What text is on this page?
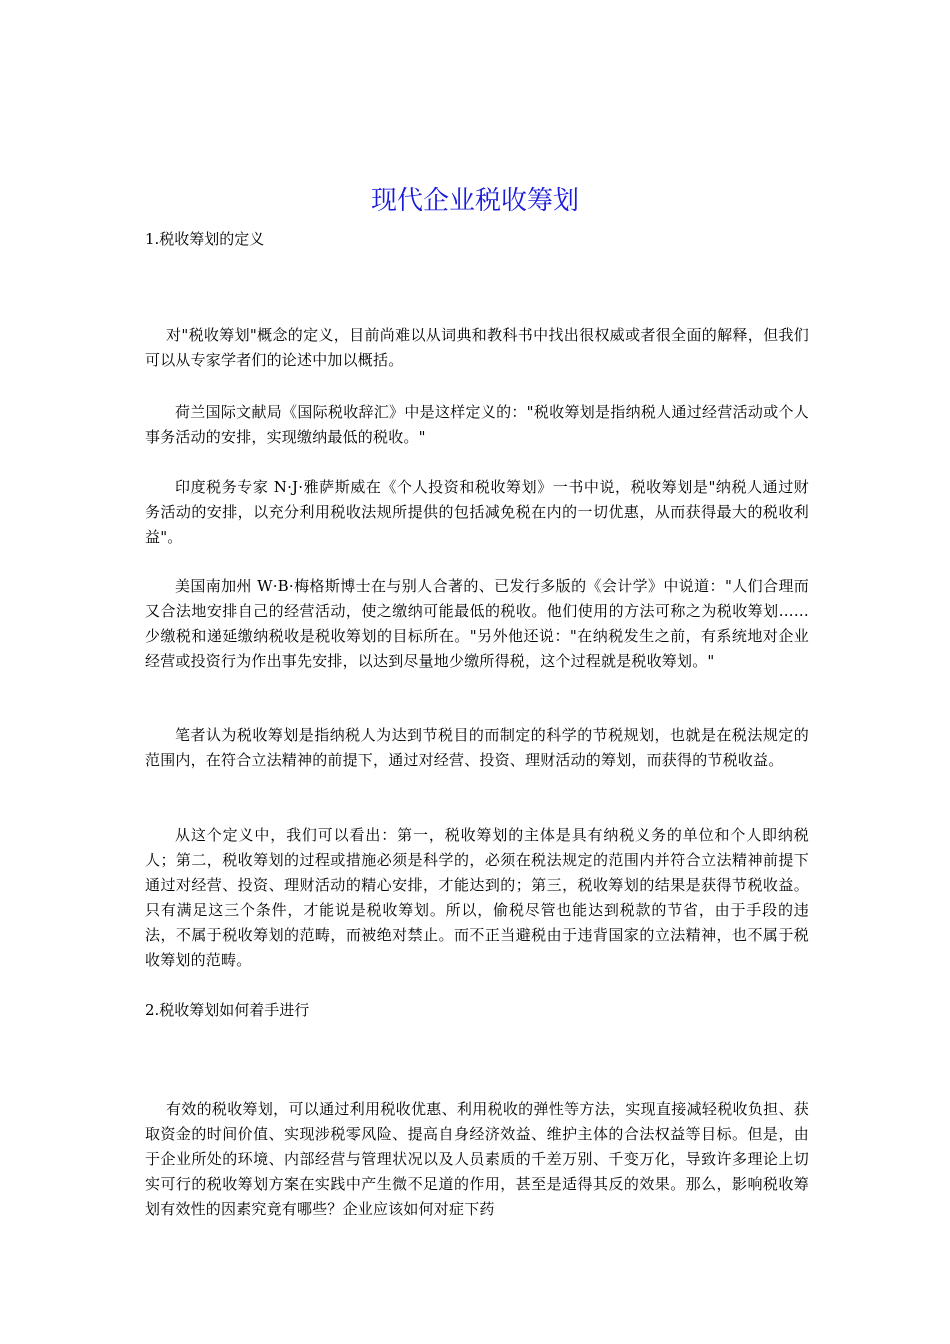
现代企业税收筹划
1.税收筹划的定义

对"税收筹划"概念的定义，目前尚难以从词典和教科书中找出很权威或者很全面的解释，但我们可以从专家学者们的论述中加以概括。

荷兰国际文献局《国际税收辞汇》中是这样定义的："税收筹划是指纳税人通过经营活动或个人事务活动的安排，实现缴纳最低的税收。"

印度税务专家 N·J·雅萨斯威在《个人投资和税收筹划》一书中说，税收筹划是"纳税人通过财务活动的安排，以充分利用税收法规所提供的包括减免税在内的一切优惠，从而获得最大的税收利益"。

美国南加州 W·B·梅格斯博士在与别人合著的、已发行多版的《会计学》中说道："人们合理而又合法地安排自己的经营活动，使之缴纳可能最低的税收。他们使用的方法可称之为税收筹划……少缴税和递延缴纳税收是税收筹划的目标所在。"另外他还说："在纳税发生之前，有系统地对企业经营或投资行为作出事先安排，以达到尽量地少缴所得税，这个过程就是税收筹划。"

笔者认为税收筹划是指纳税人为达到节税目的而制定的科学的节税规划，也就是在税法规定的范围内，在符合立法精神的前提下，通过对经营、投资、理财活动的筹划，而获得的节税收益。

从这个定义中，我们可以看出：第一，税收筹划的主体是具有纳税义务的单位和个人即纳税人；第二，税收筹划的过程或措施必须是科学的，必须在税法规定的范围内并符合立法精神前提下通过对经营、投资、理财活动的精心安排，才能达到的；第三，税收筹划的结果是获得节税收益。只有满足这三个条件，才能说是税收筹划。所以，偷税尽管也能达到税款的节省，由于手段的违法，不属于税收筹划的范畴，而被绝对禁止。而不正当避税由于违背国家的立法精神，也不属于税收筹划的范畴。

2.税收筹划如何着手进行

有效的税收筹划，可以通过利用税收优惠、利用税收的弹性等方法，实现直接减轻税收负担、获取资金的时间价值、实现涉税零风险、提高自身经济效益、维护主体的合法权益等目标。但是，由于企业所处的环境、内部经营与管理状况以及人员素质的千差万别、千变万化，导致许多理论上切实可行的税收筹划方案在实践中产生微不足道的作用，甚至是适得其反的效果。那么，影响税收筹划有效性的因素究竟有哪些？企业应该如何对症下药
